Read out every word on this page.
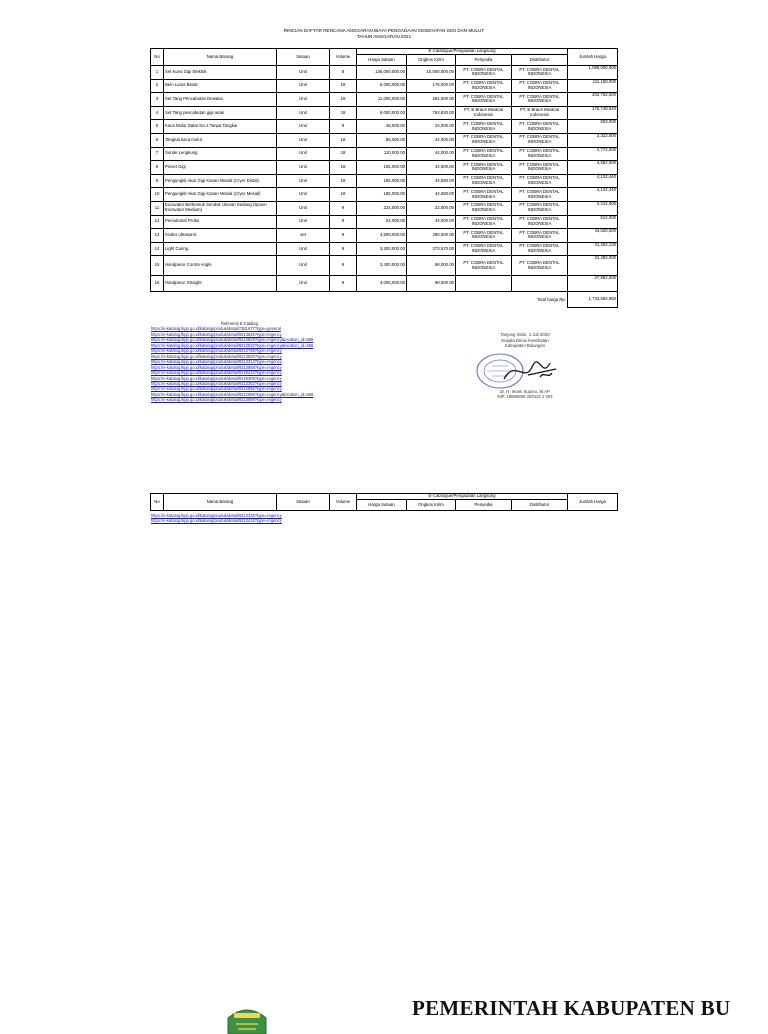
RINCIAN DAFTAR RENCANA ANGGARAN BIAYA PENGADAAN KESEHATAN GIGI DAN MULUT
TAHUN ANGGARAN 2021
No	Nama Barang	Satuan	Volume	E-Catalogue/Pengadaan Langsung				Jumlah Harga
				Harga Satuan	Ongkos Kirim	Penyedia	Distributor	
1	Set Kursi Gigi Elektrik	Unit	8	136,000,000.00	10,000,000.00	PT. COBRA DENTAL INDONESIA	PT. COBRA DENTAL INDONESIA	1,088,000,000
2	Bein Lurus Besar	Unit	18	6,000,000.00	176,000.00	PT. COBRA DENTAL INDONESIA	PT. COBRA DENTAL INDONESIA	111,168,000
3	Set Tang Pencabutan Dewasa	Unit	18	11,000,000.00	264,000.00	PT. COBRA DENTAL INDONESIA	PT. COBRA DENTAL INDONESIA	202,752,000
4	Set Tang pencabutan gigi anak	Unit	18	9,000,000.00	763,830.00	PT. B Braun Medical Indonesia	PT. B Braun Medical Indonesia	175,748,940
5	Kaca Mulut Datar No.3 Tanpa Tangkai	Unit	9	45,000.00	22,000.00	PT. COBRA DENTAL INDONESIA	PT. COBRA DENTAL INDONESIA	603,000
6	Tangkai kaca mulut	Unit	18	85,000.00	44,000.00	PT. COBRA DENTAL INDONESIA	PT. COBRA DENTAL INDONESIA	2,322,000
7	Sonde Lengkung	Unit	18	110,000.00	44,000.00	PT. COBRA DENTAL INDONESIA	PT. COBRA DENTAL INDONESIA	2,772,000
8	Pinset Gigi	Unit	18	155,000.00	44,000.00	PT. COBRA DENTAL INDONESIA	PT. COBRA DENTAL INDONESIA	3,582,000
9	Pengungkit Akar Gigi Kanan Mesial (Cryer Distal)	Unit	18	185,000.00	44,580.00	PT. COBRA DENTAL INDONESIA	PT. COBRA DENTAL INDONESIA	4,132,440
10	Pengungkit Akar Gigi Kanan Mesial (Cryer Mesial)	Unit	18	185,000.00	44,580.00	PT. COBRA DENTAL INDONESIA	PT. COBRA DENTAL INDONESIA	4,132,440
11	Excavator Berbentuk Sendok Ukuran Sedang (Spoon Excavator Medium)	Unit	9	224,000.00	22,000.00	PT. COBRA DENTAL INDONESIA	PT. COBRA DENTAL INDONESIA	2,214,000
12	Periodontal Probe	Unit	9	24,000.00	44,000.00	PT. COBRA DENTAL INDONESIA	PT. COBRA DENTAL INDONESIA	612,000
13	Scaler ultrasonic	set	9	4,500,000.00	280,000.00	PT. COBRA DENTAL INDONESIA	PT. COBRA DENTAL INDONESIA	43,020,000
14	Light Curing	Unit	9	3,200,000.00	273,570.00	PT. COBRA DENTAL INDONESIA	PT. COBRA DENTAL INDONESIA	31,262,130
15	Handpiece Contra Angle	Unit	9	3,400,000.00	98,000.00	PT. COBRA DENTAL INDONESIA	PT. COBRA DENTAL INDONESIA	31,482,000
16	Handpiece Straight	Unit	9	3,000,000.00	98,000.00			27,882,000
Total harga Rp.								1,733,684,950
Referensi E-Catalog
https://e-katalog.lkpp.go.id/katalog/produk/detail/7381677?type=general
https://e-katalog.lkpp.go.id/katalog/produk/detail/9213826?type=regency
https://e-katalog.lkpp.go.id/katalog/produk/detail/9213829?type=regency&location_id=558
https://e-katalog.lkpp.go.id/katalog/produk/detail/9213833?type=regency&location_id=558
https://e-katalog.lkpp.go.id/katalog/produk/detail/9213799?type=regency
https://e-katalog.lkpp.go.id/katalog/produk/detail/9213830?type=regency
https://e-katalog.lkpp.go.id/katalog/produk/detail/9213313?type=regency
https://e-katalog.lkpp.go.id/katalog/produk/detail/9213868?type=regency
https://e-katalog.lkpp.go.id/katalog/produk/detail/9149413?type=regency
https://e-katalog.lkpp.go.id/katalog/produk/detail/9149409?type=regency
https://e-katalog.lkpp.go.id/katalog/produk/detail/9213352?type=regency
https://e-katalog.lkpp.go.id/katalog/produk/detail/9212855?type=regency
https://e-katalog.lkpp.go.id/katalog/produk/detail/9212996?type=regency&location_id=558
https://e-katalog.lkpp.go.id/katalog/produk/detail/9213889?type=regency
Tanjung Selor, 1 Juli 2020
Kepala Dinas Kesehatan
Kabupaten Bulungan
dr. H. Imam Sujono, M.AP
NIP. 19690808 200112 1 004
No	Nama Barang	Satuan	Volume	E-Catalogue/Pengadaan Langsung				Jumlah Harga
				Harga Satuan	Ongkos Kirim	Penyedia	Distributor	
https://e-katalog.lkpp.go.id/katalog/produk/detail/9213338?type=regency
https://e-katalog.lkpp.go.id/katalog/produk/detail/9213415?type=regency
PEMERINTAH KABUPATEN BU
